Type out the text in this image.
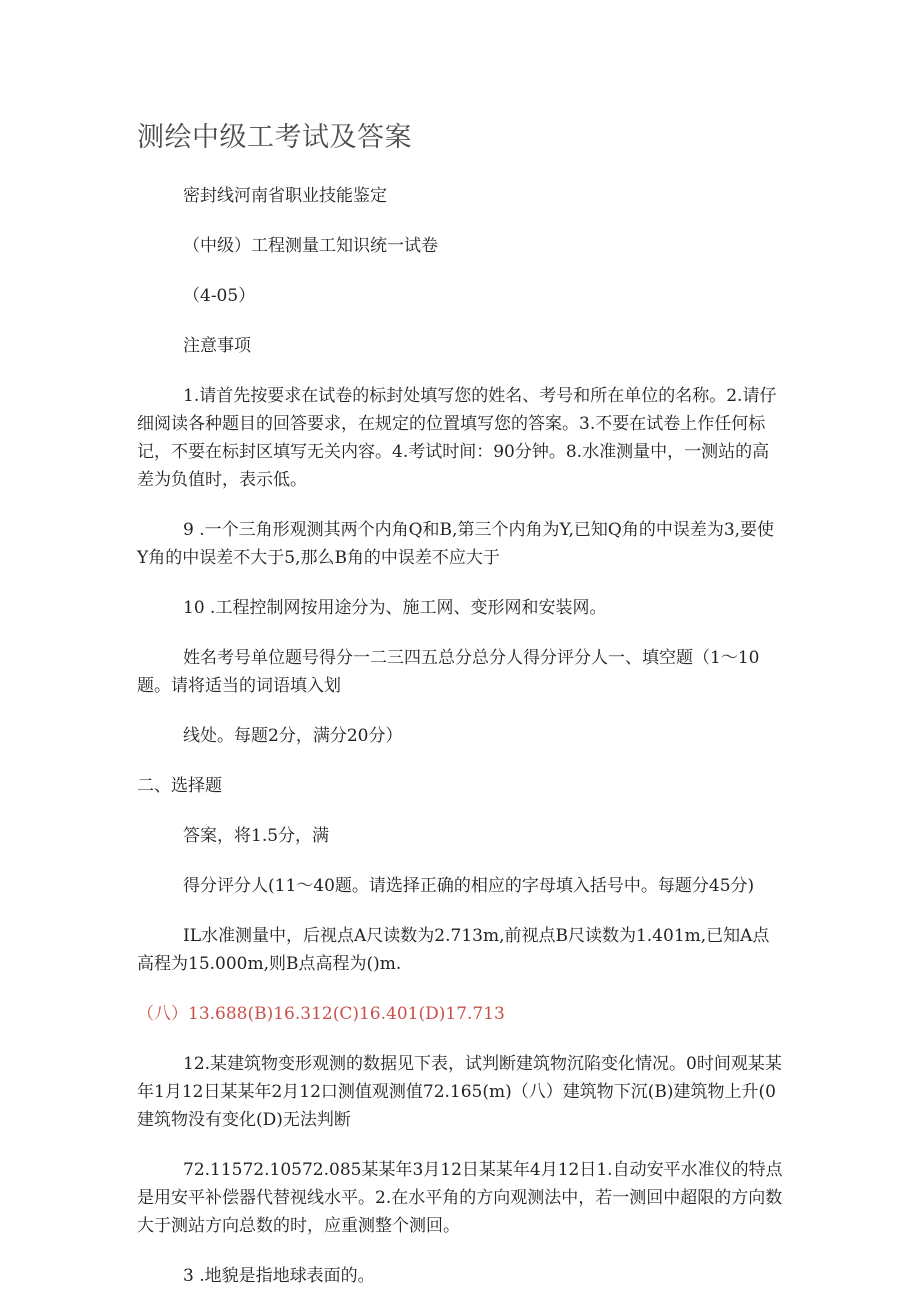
测绘中级工考试及答案

密封线河南省职业技能鉴定

（中级）工程测量工知识统一试卷

（4-05）

注意事项

1.请首先按要求在试卷的标封处填写您的姓名、考号和所在单位的名称。2.请仔细阅读各种题目的回答要求，在规定的位置填写您的答案。3.不要在试卷上作任何标记，不要在标封区填写无关内容。4.考试时间：90分钟。8.水准测量中，一测站的高差为负值时，表示低。

9 .一个三角形观测其两个内角Q和B,第三个内角为Y,已知Q角的中误差为3,要使Y角的中误差不大于5,那么B角的中误差不应大于

10 .工程控制网按用途分为、施工网、变形网和安装网。

姓名考号单位题号得分一二三四五总分总分人得分评分人一、填空题（1～10题。请将适当的词语填入划

线处。每题2分，满分20分）

二、选择题

答案，将1.5分，满

得分评分人(11～40题。请选择正确的相应的字母填入括号中。每题分45分)

IL水准测量中，后视点A尺读数为2.713m,前视点B尺读数为1.401m,已知A点高程为15.000m,则B点高程为()m.

（八）13.688(B)16.312(C)16.401(D)17.713

12.某建筑物变形观测的数据见下表，试判断建筑物沉陷变化情况。0时间观某某年1月12日某某年2月12口测值观测值72.165(m)（八）建筑物下沉(B)建筑物上升(0建筑物没有变化(D)无法判断

72.11572.10572.085某某年3月12日某某年4月12日1.自动安平水准仪的特点是用安平补偿器代替视线水平。2.在水平角的方向观测法中，若一测回中超限的方向数大于测站方向总数的时，应重测整个测回。

3 .地貌是指地球表面的。
